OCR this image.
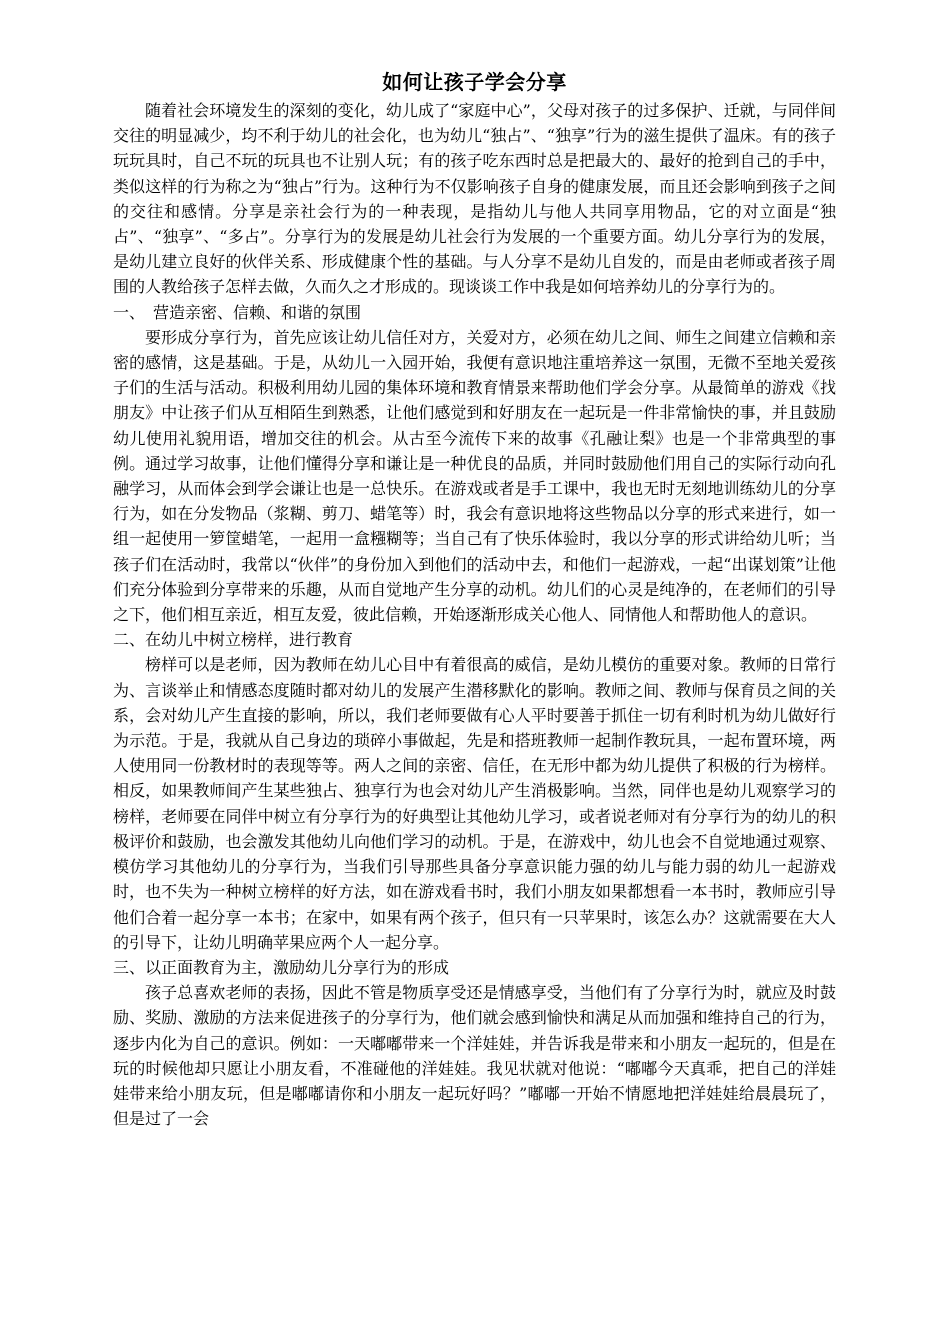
如何让孩子学会分享

随着社会环境发生的深刻的变化，幼儿成了“家庭中心”，父母对孩子的过多保护、迁就，与同伴间交往的明显减少，均不利于幼儿的社会化，也为幼儿“独占”、“独享”行为的滋生提供了温床。有的孩子玩玩具时，自己不玩的玩具也不让别人玩；有的孩子吃东西时总是把最大的、最好的抢到自己的手中，类似这样的行为称之为“独占”行为。这种行为不仅影响孩子自身的健康发展，而且还会影响到孩子之间的交往和感情。分享是亲社会行为的一种表现，是指幼儿与他人共同享用物品，它的对立面是“独占”、“独享”、“多占”。分享行为的发展是幼儿社会行为发展的一个重要方面。幼儿分享行为的发展，是幼儿建立良好的伙伴关系、形成健康个性的基础。与人分享不是幼儿自发的，而是由老师或者孩子周围的人教给孩子怎样去做，久而久之才形成的。现谈谈工作中我是如何培养幼儿的分享行为的。

一、　营造亲密、信赖、和谐的氛围

要形成分享行为，首先应该让幼儿信任对方，关爱对方，必须在幼儿之间、师生之间建立信赖和亲密的感情，这是基础。于是，从幼儿一入园开始，我便有意识地注重培养这一氛围，无微不至地关爱孩子们的生活与活动。积极利用幼儿园的集体环境和教育情景来帮助他们学会分享。从最简单的游戏《找朋友》中让孩子们从互相陌生到熟悉，让他们感觉到和好朋友在一起玩是一件非常愉快的事，并且鼓励幼儿使用礼貌用语，增加交往的机会。从古至今流传下来的故事《孔融让梨》也是一个非常典型的事例。通过学习故事，让他们懂得分享和谦让是一种优良的品质，并同时鼓励他们用自己的实际行动向孔融学习，从而体会到学会谦让也是一总快乐。在游戏或者是手工课中，我也无时无刻地训练幼儿的分享行为，如在分发物品（浆糊、剪刀、蜡笔等）时，我会有意识地将这些物品以分享的形式来进行，如一组一起使用一箩筐蜡笔，一起用一盒糨糊等；当自己有了快乐体验时，我以分享的形式讲给幼儿听；当孩子们在活动时，我常以“伙伴”的身份加入到他们的活动中去，和他们一起游戏，一起“出谋划策”让他们充分体验到分享带来的乐趣，从而自觉地产生分享的动机。幼儿们的心灵是纯净的，在老师们的引导之下，他们相互亲近，相互友爱，彼此信赖，开始逐渐形成关心他人、同情他人和帮助他人的意识。

二、在幼儿中树立榜样，进行教育

榜样可以是老师，因为教师在幼儿心目中有着很高的威信，是幼儿模仿的重要对象。教师的日常行为、言谈举止和情感态度随时都对幼儿的发展产生潜移默化的影响。教师之间、教师与保育员之间的关系，会对幼儿产生直接的影响，所以，我们老师要做有心人平时要善于抓住一切有利时机为幼儿做好行为示范。于是，我就从自己身边的琐碎小事做起，先是和搭班教师一起制作教玩具，一起布置环境，两人使用同一份教材时的表现等等。两人之间的亲密、信任，在无形中都为幼儿提供了积极的行为榜样。相反，如果教师间产生某些独占、独享行为也会对幼儿产生消极影响。当然，同伴也是幼儿观察学习的榜样，老师要在同伴中树立有分享行为的好典型让其他幼儿学习，或者说老师对有分享行为的幼儿的积极评价和鼓励，也会激发其他幼儿向他们学习的动机。于是，在游戏中，幼儿也会不自觉地通过观察、模仿学习其他幼儿的分享行为，当我们引导那些具备分享意识能力强的幼儿与能力弱的幼儿一起游戏时，也不失为一种树立榜样的好方法，如在游戏看书时，我们小朋友如果都想看一本书时，教师应引导他们合着一起分享一本书；在家中，如果有两个孩子，但只有一只苹果时，该怎么办？这就需要在大人的引导下，让幼儿明确苹果应两个人一起分享。

三、以正面教育为主，激励幼儿分享行为的形成

孩子总喜欢老师的表扬，因此不管是物质享受还是情感享受，当他们有了分享行为时，就应及时鼓励、奖励、激励的方法来促进孩子的分享行为，他们就会感到愉快和满足从而加强和维持自己的行为，逐步内化为自己的意识。例如：一天嘟嘟带来一个洋娃娃，并告诉我是带来和小朋友一起玩的，但是在玩的时候他却只愿让小朋友看，不准碰他的洋娃娃。我见状就对他说：“嘟嘟今天真乖，把自己的洋娃娃带来给小朋友玩，但是嘟嘟请你和小朋友一起玩好吗？”嘟嘟一开始不情愿地把洋娃娃给晨晨玩了，但是过了一会
